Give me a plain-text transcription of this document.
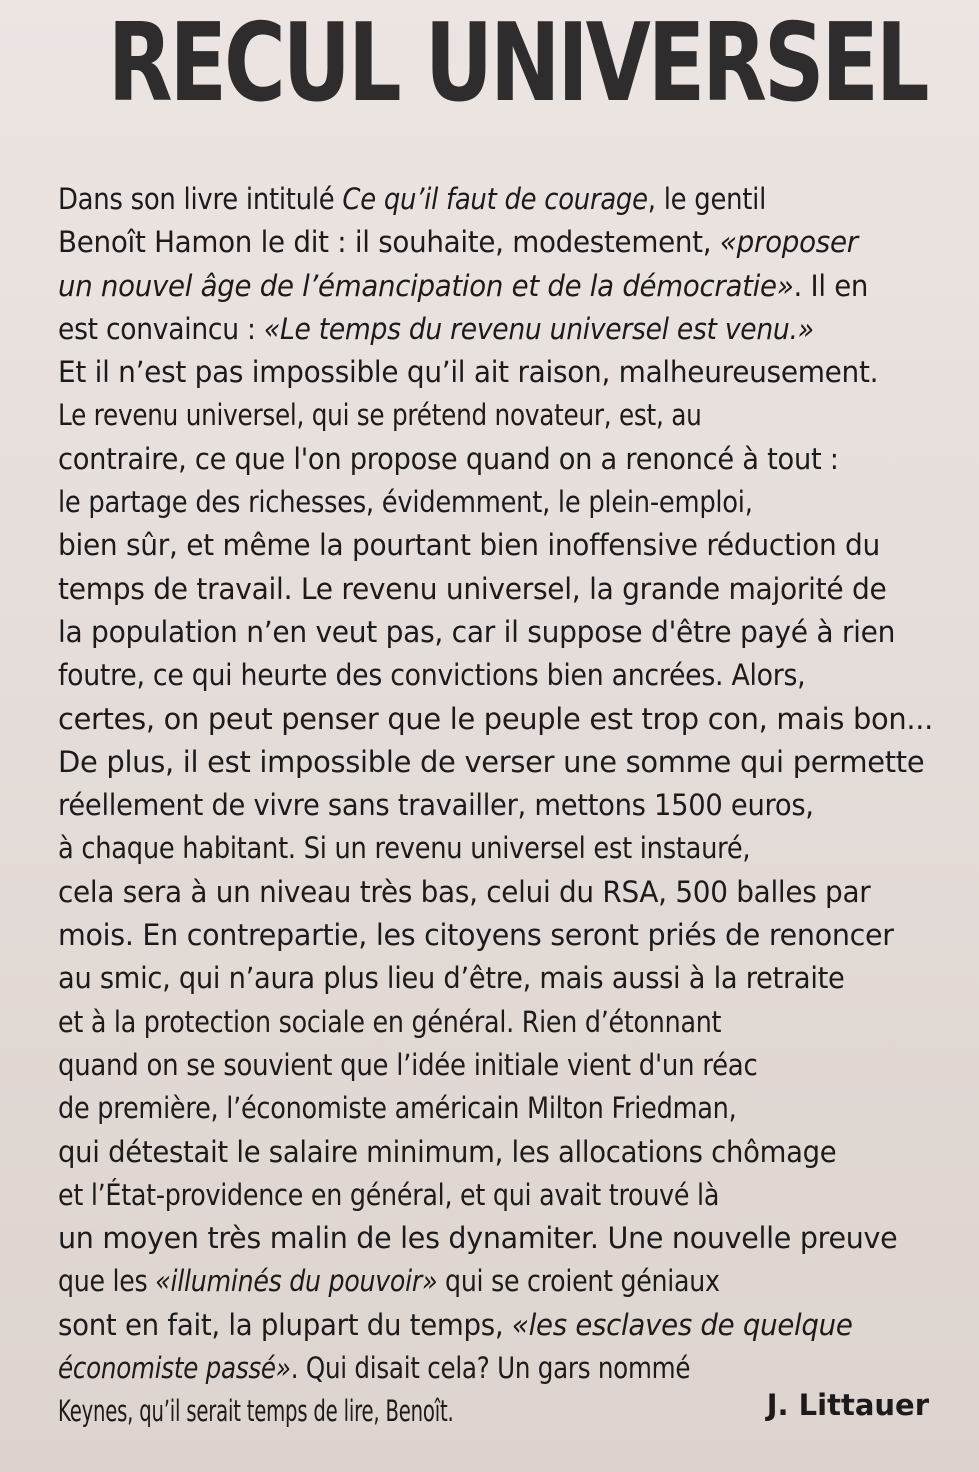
RECUL UNIVERSEL
Dans son livre intitulé Ce qu’il faut de courage, le gentil
Benoît Hamon le dit : il souhaite, modestement, «proposer
un nouvel âge de l’émancipation et de la démocratie». Il en
est convaincu : «Le temps du revenu universel est venu.»
Et il n’est pas impossible qu’il ait raison, malheureusement.
Le revenu universel, qui se prétend novateur, est, au
contraire, ce que l'on propose quand on a renoncé à tout :
le partage des richesses, évidemment, le plein-emploi,
bien sûr, et même la pourtant bien inoffensive réduction du
temps de travail. Le revenu universel, la grande majorité de
la population n’en veut pas, car il suppose d'être payé à rien
foutre, ce qui heurte des convictions bien ancrées. Alors,
certes, on peut penser que le peuple est trop con, mais bon...
De plus, il est impossible de verser une somme qui permette
réellement de vivre sans travailler, mettons 1500 euros,
à chaque habitant. Si un revenu universel est instauré,
cela sera à un niveau très bas, celui du RSA, 500 balles par
mois. En contrepartie, les citoyens seront priés de renoncer
au smic, qui n’aura plus lieu d’être, mais aussi à la retraite
et à la protection sociale en général. Rien d’étonnant
quand on se souvient que l’idée initiale vient d'un réac
de première, l’économiste américain Milton Friedman,
qui détestait le salaire minimum, les allocations chômage
et l’État-providence en général, et qui avait trouvé là
un moyen très malin de les dynamiter. Une nouvelle preuve
que les «illuminés du pouvoir» qui se croient géniaux
sont en fait, la plupart du temps, «les esclaves de quelque
économiste passé». Qui disait cela? Un gars nommé
Keynes, qu’il serait temps de lire, Benoît.	J. Littauer
